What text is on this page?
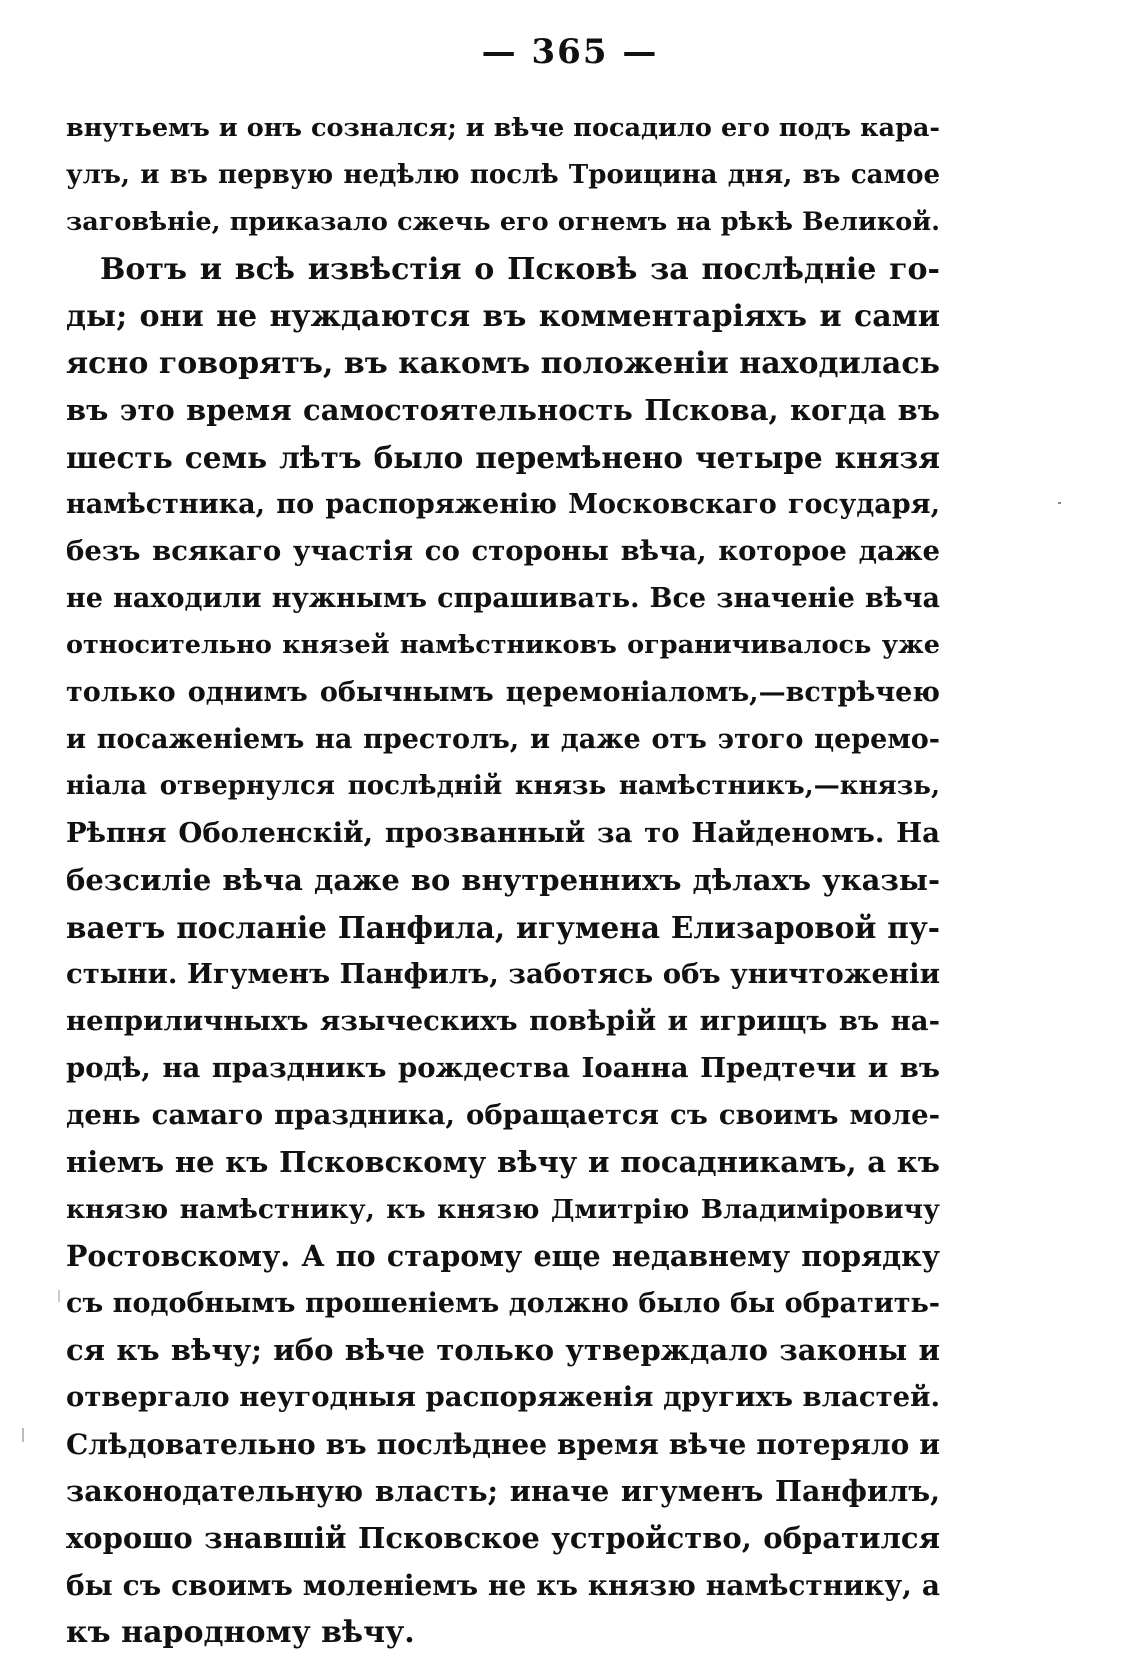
— 365 —
внутьемъ и онъ сознался; и вѣче посадило его подъ кара-
улъ, и въ первую недѣлю послѣ Троицина дня, въ самое
заговѣніе, приказало сжечь его огнемъ на рѣкѣ Великой.
Вотъ и всѣ извѣстія о Псковѣ за послѣдніе го-
ды; они не нуждаются въ комментаріяхъ и сами
ясно говорятъ, въ какомъ положеніи находилась
въ это время самостоятельность Пскова, когда въ
шесть семь лѣтъ было перемѣнено четыре князя
намѣстника, по распоряженію Московскаго государя,
безъ всякаго участія со стороны вѣча, которое даже
не находили нужнымъ спрашивать. Все значеніе вѣча
относительно князей намѣстниковъ ограничивалось уже
только однимъ обычнымъ церемоніаломъ,—встрѣчею
и посаженіемъ на престолъ, и даже отъ этого церемо-
ніала отвернулся послѣдній князь намѣстникъ,—князь,
Рѣпня Оболенскій, прозванный за то Найденомъ. На
безсиліе вѣча даже во внутреннихъ дѣлахъ указы-
ваетъ посланіе Панфила, игумена Елизаровой пу-
стыни. Игуменъ Панфилъ, заботясь объ уничтоженіи
неприличныхъ языческихъ повѣрій и игрищъ въ на-
родѣ, на праздникъ рождества Іоанна Предтечи и въ
день самаго праздника, обращается съ своимъ моле-
ніемъ не къ Псковскому вѣчу и посадникамъ, а къ
князю намѣстнику, къ князю Дмитрію Владиміровичу
Ростовскому. А по старому еще недавнему порядку
съ подобнымъ прошеніемъ должно было бы обратить-
ся къ вѣчу; ибо вѣче только утверждало законы и
отвергало неугодныя распоряженія другихъ властей.
Слѣдовательно въ послѣднее время вѣче потеряло и
законодательную власть; иначе игуменъ Панфилъ,
хорошо знавшій Псковское устройство, обратился
бы съ своимъ моленіемъ не къ князю намѣстнику, а
къ народному вѣчу.
